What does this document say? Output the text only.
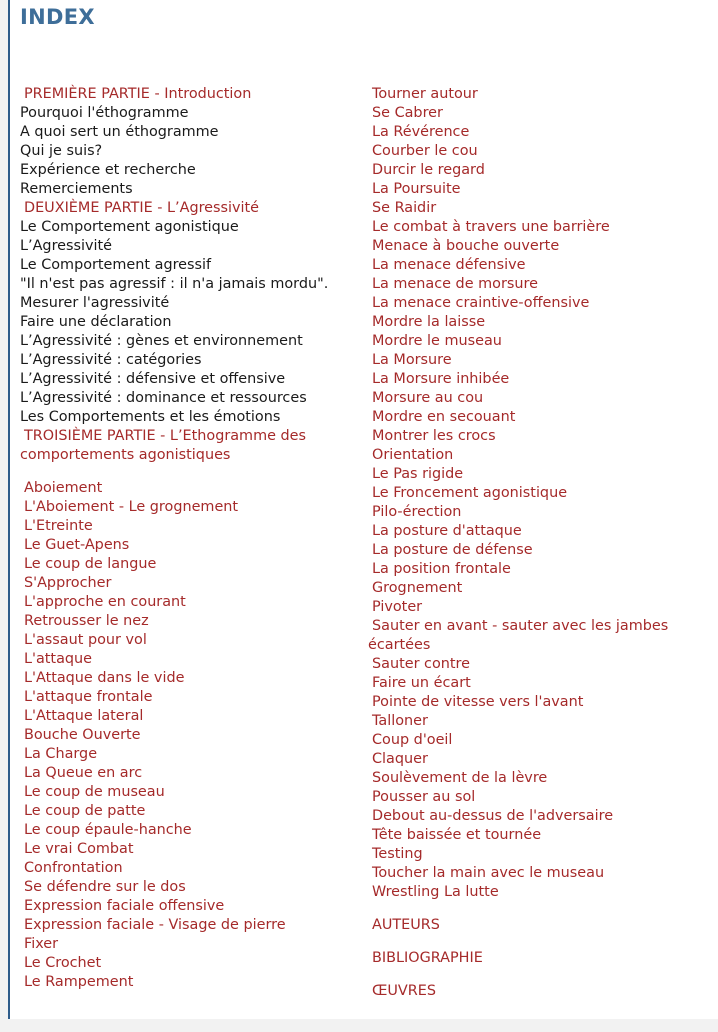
INDEX
PREMIÈRE PARTIE - Introduction
Pourquoi l'éthogramme
A quoi sert un éthogramme
Qui je suis?
Expérience et recherche
Remerciements
DEUXIÈME PARTIE - L’Agressivité
Le Comportement agonistique
L’Agressivité
Le Comportement agressif
"Il n'est pas agressif : il n'a jamais mordu".
Mesurer l'agressivité
Faire une déclaration
L’Agressivité : gènes et environnement
L’Agressivité : catégories
L’Agressivité : défensive et offensive
L’Agressivité : dominance et ressources
Les Comportements et les émotions
TROISIÈME PARTIE - L’Ethogramme des
comportements agonistiques
Aboiement
L'Aboiement - Le grognement
L'Etreinte
Le Guet-Apens
Le coup de langue
S'Approcher
L'approche en courant
Retrousser le nez
L'assaut pour vol
L'attaque
L'Attaque dans le vide
L'attaque frontale
L'Attaque lateral
Bouche Ouverte
La Charge
La Queue en arc
Le coup de museau
Le coup de patte
Le coup épaule-hanche
Le vrai Combat
Confrontation
Se défendre sur le dos
Expression faciale offensive
Expression faciale - Visage de pierre
Fixer
Le Crochet
Le Rampement
Tourner autour
Se Cabrer
La Révérence
Courber le cou
Durcir le regard
La Poursuite
Se Raidir
Le combat à travers une barrière
Menace à bouche ouverte
La menace défensive
La menace de morsure
La menace craintive-offensive
Mordre la laisse
Mordre le museau
La Morsure
La Morsure inhibée
Morsure au cou
Mordre en secouant
Montrer les crocs
Orientation
Le Pas rigide
Le Froncement agonistique
Pilo-érection
La posture d'attaque
La posture de défense
La position frontale
Grognement
Pivoter
Sauter en avant - sauter avec les jambes
écartées
Sauter contre
Faire un écart
Pointe de vitesse vers l'avant
Talloner
Coup d'oeil
Claquer
Soulèvement de la lèvre
Pousser au sol
Debout au-dessus de l'adversaire
Tête baissée et tournée
Testing
Toucher la main avec le museau
Wrestling La lutte
AUTEURS
BIBLIOGRAPHIE
ŒUVRES
